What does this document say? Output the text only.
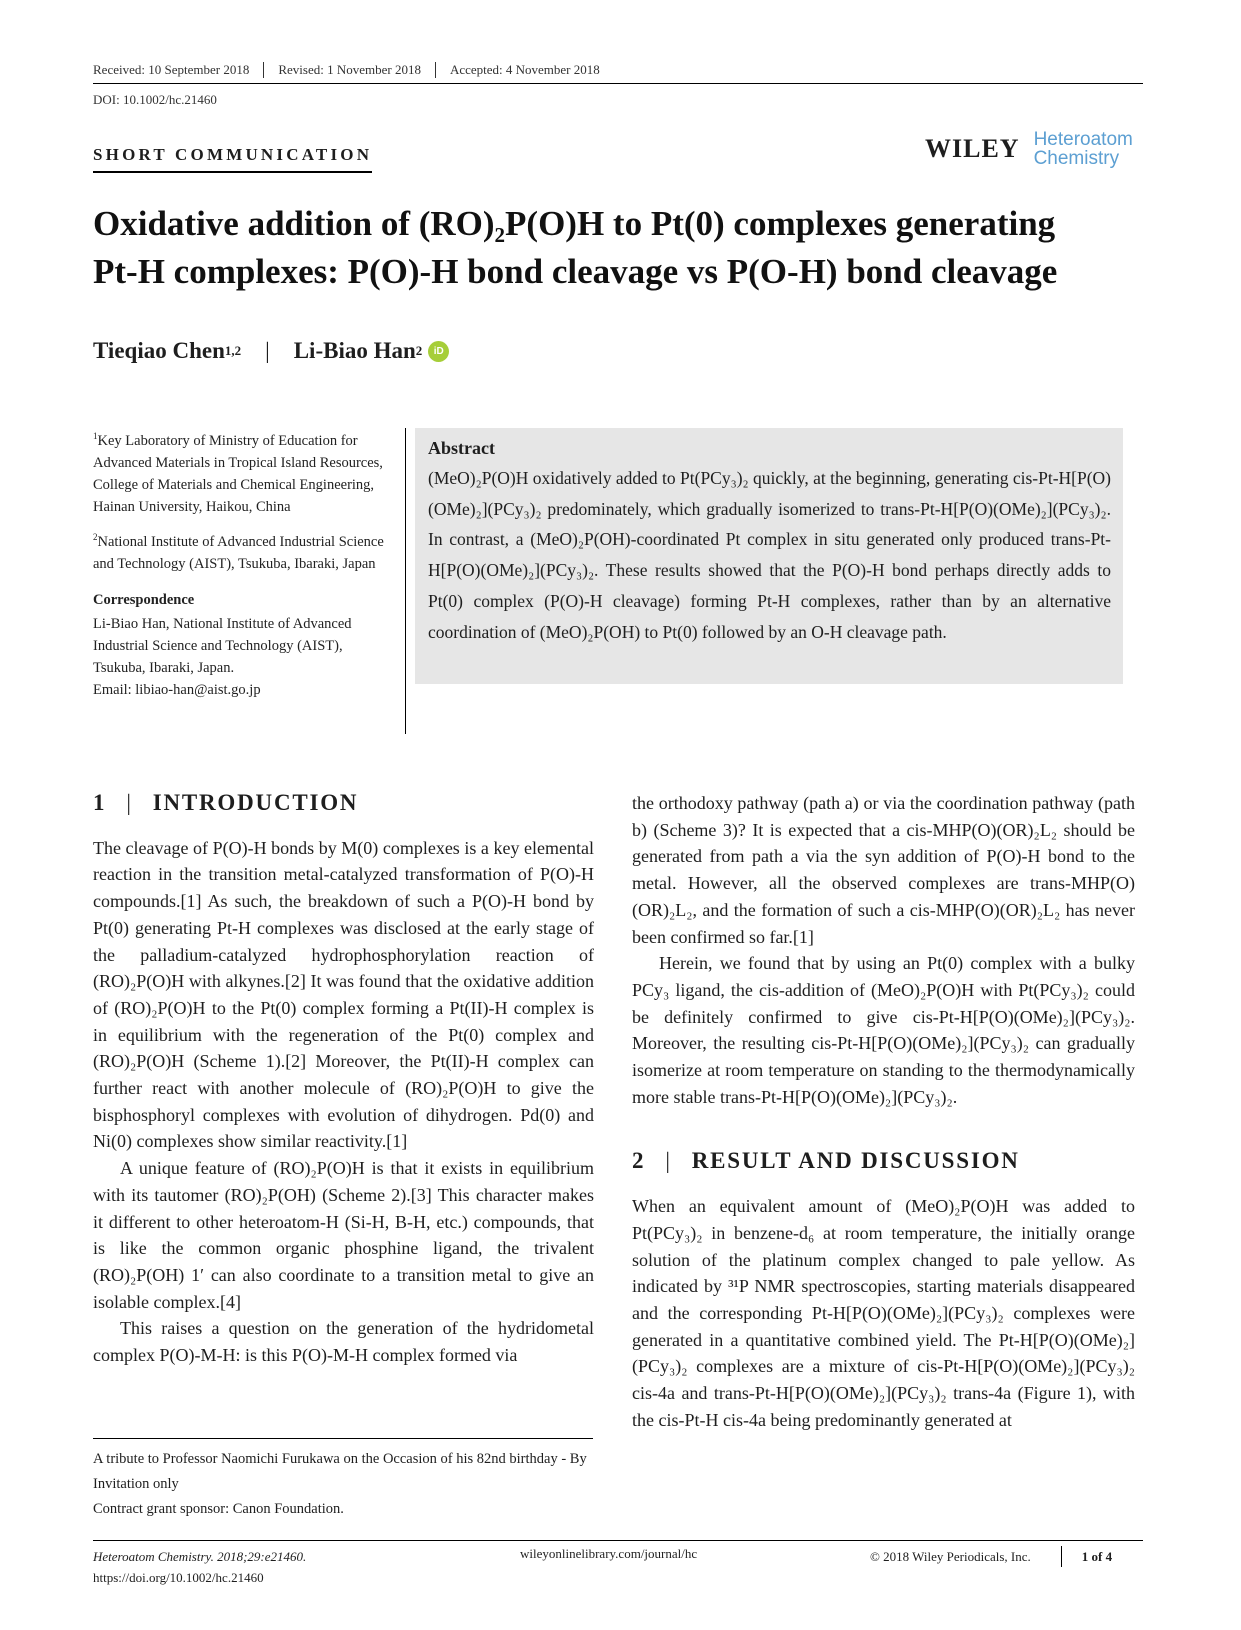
Received: 10 September 2018 Revised: 1 November 2018 Accepted: 4 November 2018
DOI: 10.1002/hc.21460
SHORT COMMUNICATION	WILEY Heteroatom
Chemistry
Oxidative addition of (RO)₂P(O)H to Pt(0) complexes generating
Pt-H complexes: P(O)-H bond cleavage vs P(O-H) bond cleavage
Tieqiao Chen 1,2 | Li-Biao Han 2	iD

$^1$Key Laboratory of Ministry of Education for Advanced Materials in Tropical Island Resources, College of Materials and Chemical Engineering, Hainan University, Haikou, China

$^2$National Institute of Advanced Industrial Science and Technology (AIST), Tsukuba, Ibaraki, Japan

Correspondence

Li-Biao Han, National Institute of Advanced Industrial Science and Technology (AIST), Tsukuba, Ibaraki, Japan.
Email: libiao-han@aist.go.jp

Abstract
(MeO)₂P(O)H oxidatively added to Pt(PCy₃)₂ quickly, at the beginning, generating cis-Pt-H[P(O)(OMe)₂](PCy₃)₂ predominately, which gradually isomerized to trans-Pt-H[P(O)(OMe)₂](PCy₃)₂. In contrast, a (MeO)₂P(OH)-coordinated Pt complex in situ generated only produced trans-Pt-H[P(O)(OMe)₂](PCy₃)₂. These results showed that the P(O)-H bond perhaps directly adds to Pt(0) complex (P(O)-H cleavage) forming Pt-H complexes, rather than by an alternative coordination of (MeO)₂P(OH) to Pt(0) followed by an O-H cleavage path.
1 | INTRODUCTION

The cleavage of P(O)-H bonds by M(0) complexes is a key elemental reaction in the transition metal-catalyzed transformation of P(O)-H compounds.[1] As such, the breakdown of such a P(O)-H bond by Pt(0) generating Pt-H complexes was disclosed at the early stage of the palladium-catalyzed hydrophosphorylation reaction of (RO)₂P(O)H with alkynes.[2] It was found that the oxidative addition of (RO)₂P(O)H to the Pt(0) complex forming a Pt(II)-H complex is in equilibrium with the regeneration of the Pt(0) complex and (RO)₂P(O)H (Scheme 1).[2] Moreover, the Pt(II)-H complex can further react with another molecule of (RO)₂P(O)H to give the bisphosphoryl complexes with evolution of dihydrogen. Pd(0) and Ni(0) complexes show similar reactivity.[1]

A unique feature of (RO)₂P(O)H is that it exists in equilibrium with its tautomer (RO)₂P(OH) (Scheme 2).[3] This character makes it different to other heteroatom-H (Si-H, B-H, etc.) compounds, that is like the common organic phosphine ligand, the trivalent (RO)₂P(OH) 1′ can also coordinate to a transition metal to give an isolable complex.[4]

This raises a question on the generation of the hydridometal complex P(O)-M-H: is this P(O)-M-H complex formed via

A tribute to Professor Naomichi Furukawa on the Occasion of his 82nd birthday - By Invitation only

Contract grant sponsor: Canon Foundation.

the orthodoxy pathway (path a) or via the coordination pathway (path b) (Scheme 3)? It is expected that a cis-MHP(O)(OR)₂L₂ should be generated from path a via the syn addition of P(O)-H bond to the metal. However, all the observed complexes are trans-MHP(O)(OR)₂L₂, and the formation of such a cis-MHP(O)(OR)₂L₂ has never been confirmed so far.[1]

Herein, we found that by using an Pt(0) complex with a bulky PCy₃ ligand, the cis-addition of (MeO)₂P(O)H with Pt(PCy₃)₂ could be definitely confirmed to give cis-Pt-H[P(O)(OMe)₂](PCy₃)₂. Moreover, the resulting cis-Pt-H[P(O)(OMe)₂](PCy₃)₂ can gradually isomerize at room temperature on standing to the thermodynamically more stable trans-Pt-H[P(O)(OMe)₂](PCy₃)₂.

2 | RESULT AND DISCUSSION

When an equivalent amount of (MeO)₂P(O)H was added to Pt(PCy₃)₂ in benzene-d₆ at room temperature, the initially orange solution of the platinum complex changed to pale yellow. As indicated by ³¹P NMR spectroscopies, starting materials disappeared and the corresponding Pt-H[P(O)(OMe)₂](PCy₃)₂ complexes were generated in a quantitative combined yield. The Pt-H[P(O)(OMe)₂](PCy₃)₂ complexes are a mixture of cis-Pt-H[P(O)(OMe)₂](PCy₃)₂ cis-4a and trans-Pt-H[P(O)(OMe)₂](PCy₃)₂ trans-4a (Figure 1), with the cis-Pt-H cis-4a being predominantly generated at

Heteroatom Chemistry. 2018;29:e21460.
https://doi.org/10.1002/hc.21460
wileyonlinelibrary.com/journal/hc	© 2018 Wiley Periodicals, Inc.	1 of 4
